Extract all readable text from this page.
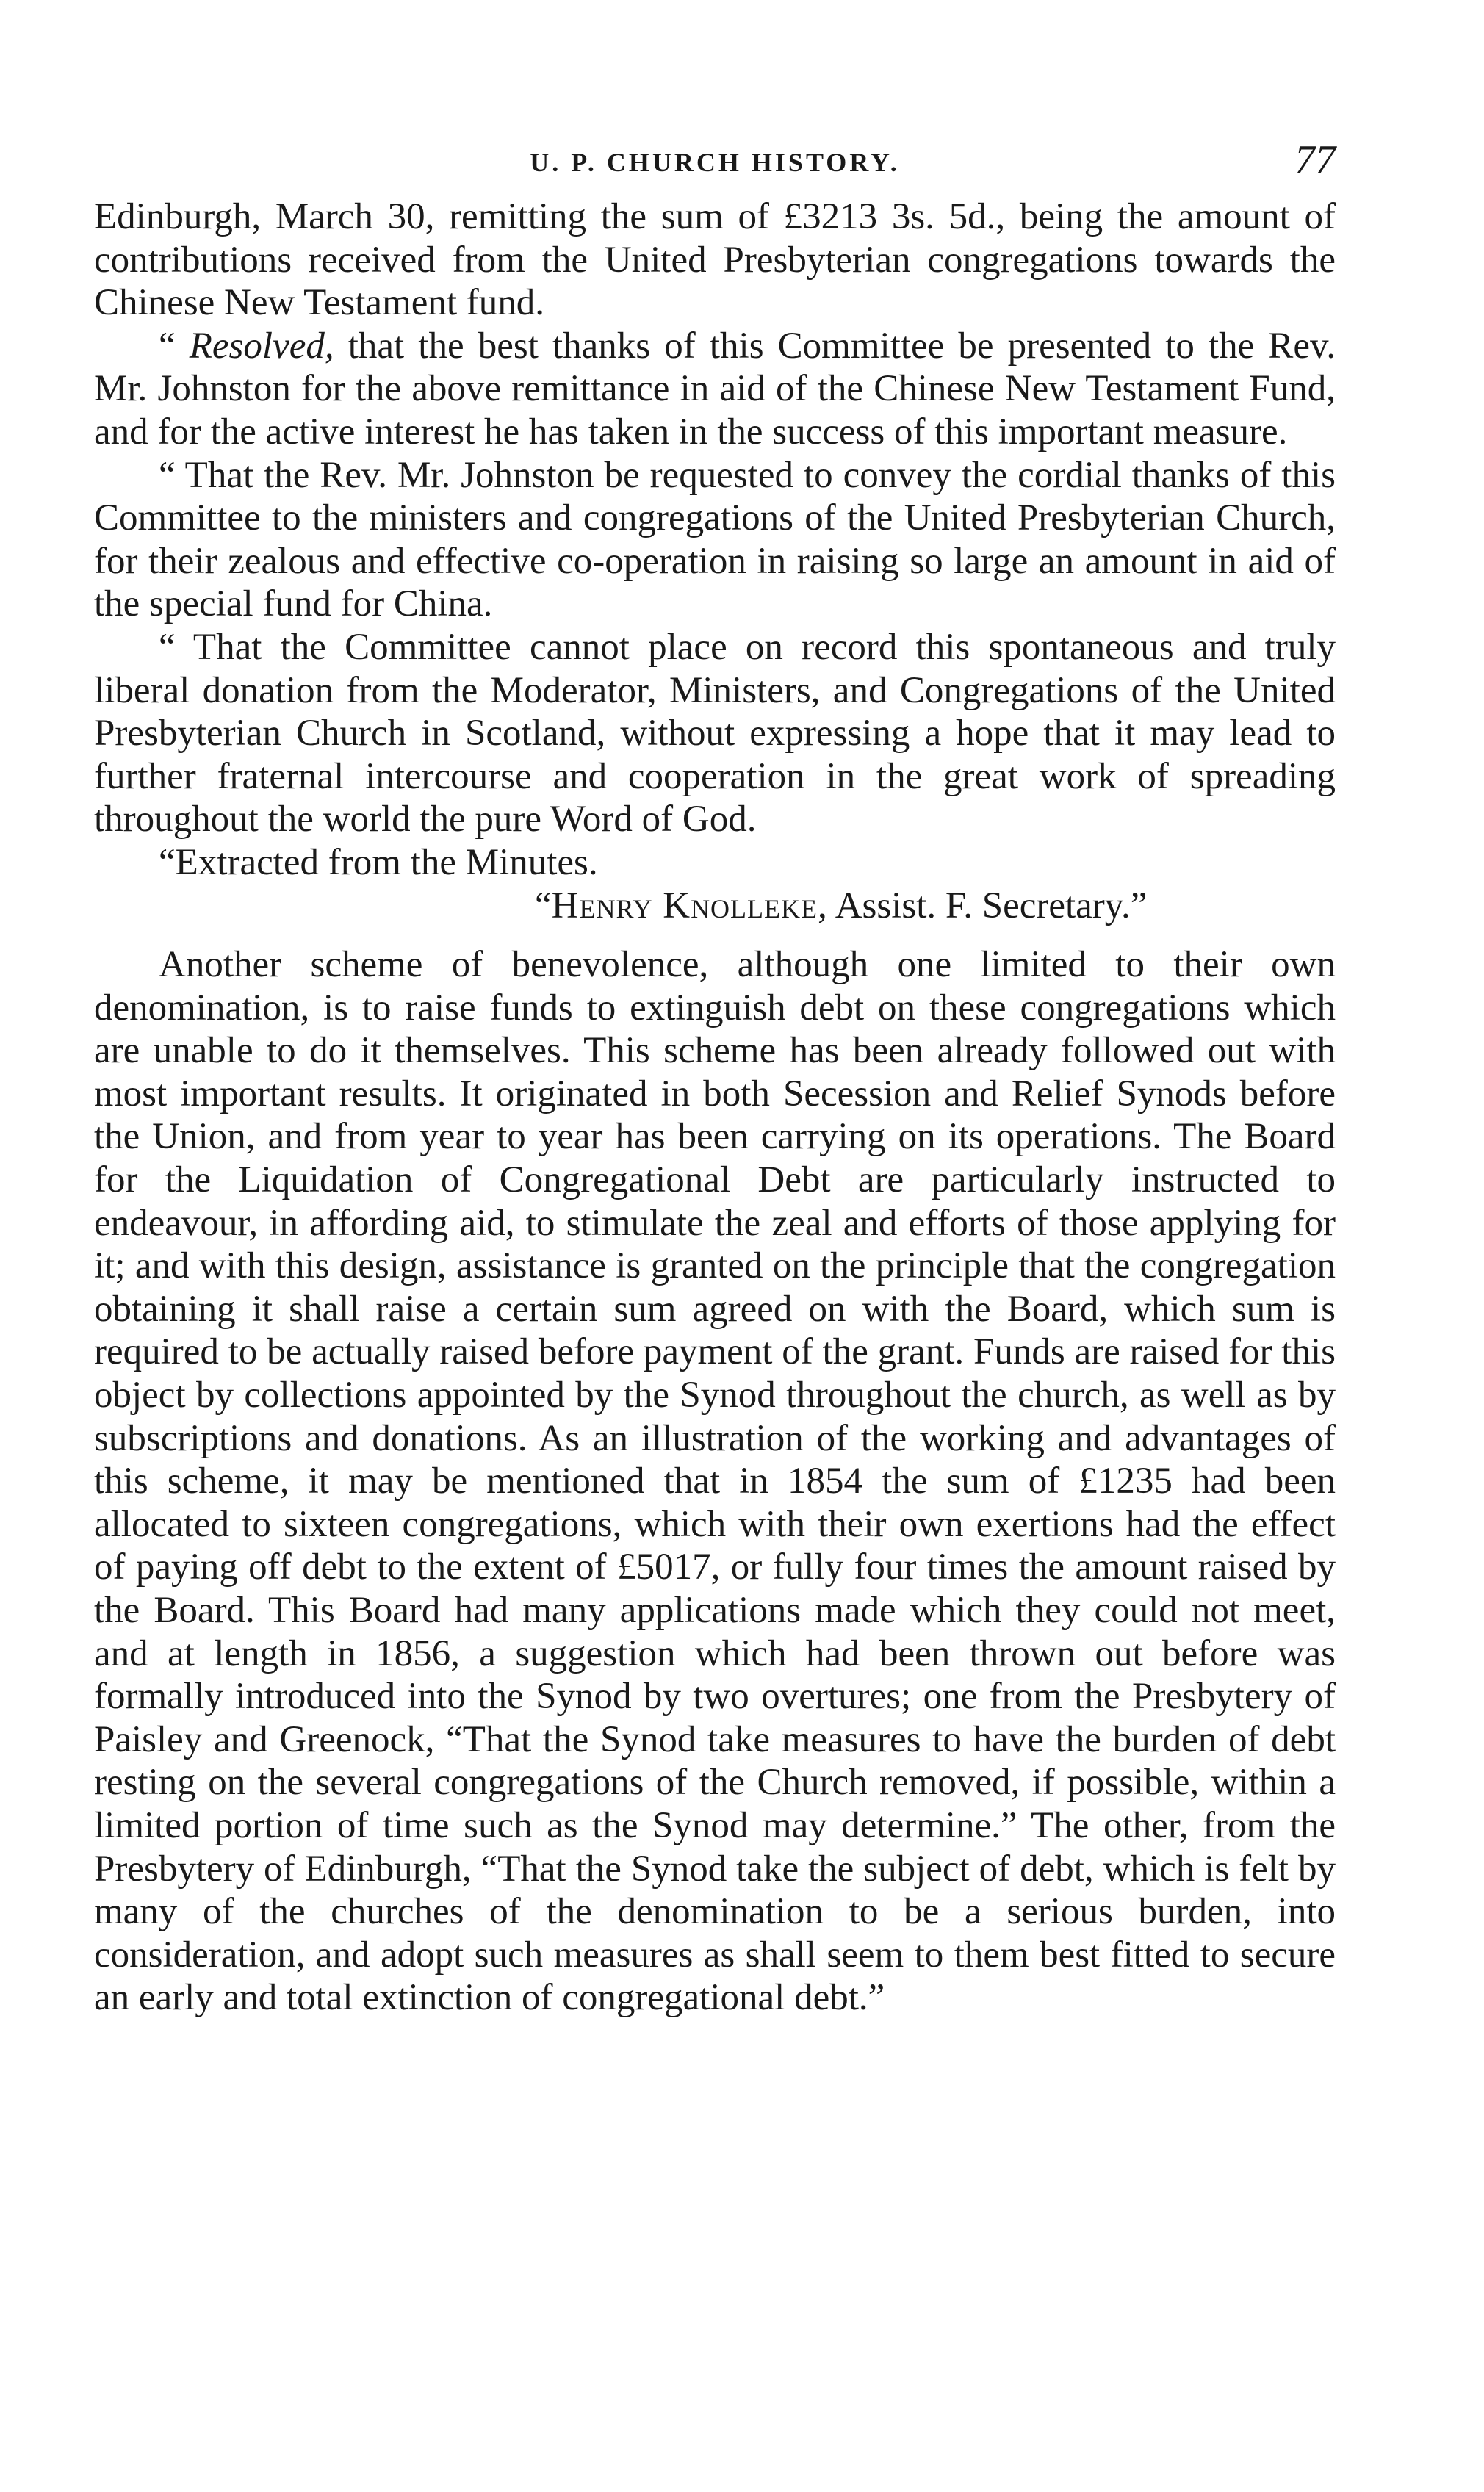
U. P. CHURCH HISTORY.	77

Edinburgh, March 30, remitting the sum of £3213 3s. 5d., being the amount of contributions received from the United Presbyterian congregations towards the Chinese New Testament fund.

“ Resolved, that the best thanks of this Committee be presented to the Rev. Mr. Johnston for the above remittance in aid of the Chinese New Testament Fund, and for the active interest he has taken in the success of this important measure.

“ That the Rev. Mr. Johnston be requested to convey the cordial thanks of this Committee to the ministers and congregations of the United Presbyterian Church, for their zealous and effective co-operation in raising so large an amount in aid of the special fund for China.

“ That the Committee cannot place on record this spontaneous and truly liberal donation from the Moderator, Ministers, and Congregations of the United Presbyterian Church in Scotland, without expressing a hope that it may lead to further fraternal intercourse and cooperation in the great work of spreading throughout the world the pure Word of God.

“Extracted from the Minutes.

“Henry Knolleke, Assist. F. Secretary.”

Another scheme of benevolence, although one limited to their own denomination, is to raise funds to extinguish debt on these congregations which are unable to do it themselves. This scheme has been already followed out with most important results. It originated in both Secession and Relief Synods before the Union, and from year to year has been carrying on its operations. The Board for the Liquidation of Congregational Debt are particularly instructed to endeavour, in affording aid, to stimulate the zeal and efforts of those applying for it; and with this design, assistance is granted on the principle that the congregation obtaining it shall raise a certain sum agreed on with the Board, which sum is required to be actually raised before payment of the grant. Funds are raised for this object by collections appointed by the Synod throughout the church, as well as by subscriptions and donations. As an illustration of the working and advantages of this scheme, it may be mentioned that in 1854 the sum of £1235 had been allocated to sixteen congregations, which with their own exertions had the effect of paying off debt to the extent of £5017, or fully four times the amount raised by the Board. This Board had many applications made which they could not meet, and at length in 1856, a suggestion which had been thrown out before was formally introduced into the Synod by two overtures; one from the Presbytery of Paisley and Greenock, “That the Synod take measures to have the burden of debt resting on the several congregations of the Church removed, if possible, within a limited portion of time such as the Synod may determine.” The other, from the Presbytery of Edinburgh, “That the Synod take the subject of debt, which is felt by many of the churches of the denomination to be a serious burden, into consideration, and adopt such measures as shall seem to them best fitted to secure an early and total extinction of congregational debt.”
